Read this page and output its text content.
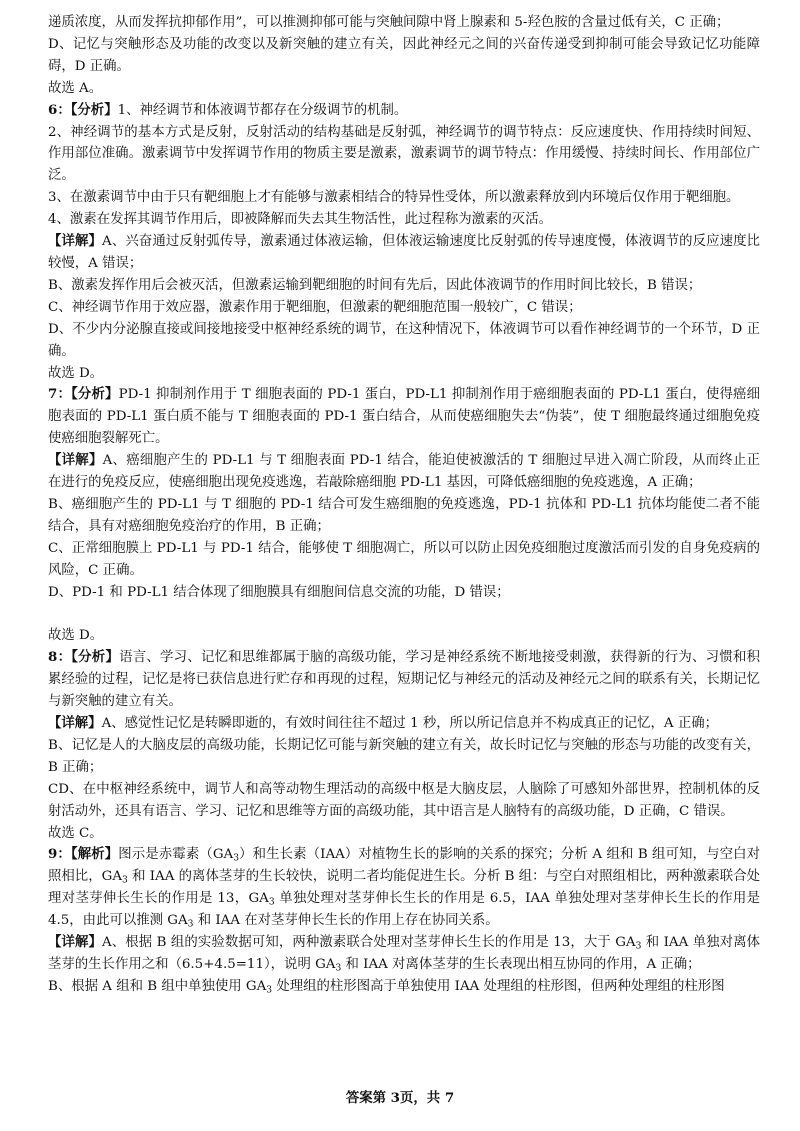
递质浓度，从而发挥抗抑郁作用”，可以推测抑郁可能与突触间隙中肾上腺素和 5-羟色胺的含量过低有关，C 正确；

D、记忆与突触形态及功能的改变以及新突触的建立有关，因此神经元之间的兴奋传递受到抑制可能会导致记忆功能障碍，D 正确。

故选 A。

6：【分析】1、神经调节和体液调节都存在分级调节的机制。

2、神经调节的基本方式是反射，反射活动的结构基础是反射弧，神经调节的调节特点：反应速度快、作用持续时间短、作用部位准确。激素调节中发挥调节作用的物质主要是激素，激素调节的调节特点：作用缓慢、持续时间长、作用部位广泛。

3、在激素调节中由于只有靶细胞上才有能够与激素相结合的特异性受体，所以激素释放到内环境后仅作用于靶细胞。

4、激素在发挥其调节作用后，即被降解而失去其生物活性，此过程称为激素的灭活。

【详解】A、兴奋通过反射弧传导，激素通过体液运输，但体液运输速度比反射弧的传导速度慢，体液调节的反应速度比较慢，A 错误；

B、激素发挥作用后会被灭活，但激素运输到靶细胞的时间有先后，因此体液调节的作用时间比较长，B 错误；

C、神经调节作用于效应器，激素作用于靶细胞，但激素的靶细胞范围一般较广，C 错误；

D、不少内分泌腺直接或间接地接受中枢神经系统的调节，在这种情况下，体液调节可以看作神经调节的一个环节，D 正确。

故选 D。

7：【分析】PD-1 抑制剂作用于 T 细胞表面的 PD-1 蛋白，PD-L1 抑制剂作用于癌细胞表面的 PD-L1 蛋白，使得癌细胞表面的 PD-L1 蛋白质不能与 T 细胞表面的 PD-1 蛋白结合，从而使癌细胞失去“伪装”，使 T 细胞最终通过细胞免疫使癌细胞裂解死亡。

【详解】A、癌细胞产生的 PD-L1 与 T 细胞表面 PD-1 结合，能迫使被激活的 T 细胞过早进入凋亡阶段，从而终止正在进行的免疫反应，使癌细胞出现免疫逃逸，若敲除癌细胞 PD-L1 基因，可降低癌细胞的免疫逃逸，A 正确；

B、癌细胞产生的 PD-L1 与 T 细胞的 PD-1 结合可发生癌细胞的免疫逃逸，PD-1 抗体和 PD-L1 抗体均能使二者不能结合，具有对癌细胞免疫治疗的作用，B 正确；

C、正常细胞膜上 PD-L1 与 PD-1 结合，能够使 T 细胞凋亡，所以可以防止因免疫细胞过度激活而引发的自身免疫病的风险，C 正确。

D、PD-1 和 PD-L1 结合体现了细胞膜具有细胞间信息交流的功能，D 错误；

故选 D。

8：【分析】语言、学习、记忆和思维都属于脑的高级功能，学习是神经系统不断地接受刺激，获得新的行为、习惯和积累经验的过程，记忆是将已获信息进行贮存和再现的过程，短期记忆与神经元的活动及神经元之间的联系有关，长期记忆与新突触的建立有关。

【详解】A、感觉性记忆是转瞬即逝的，有效时间往往不超过 1 秒，所以所记信息并不构成真正的记忆，A 正确；

B、记忆是人的大脑皮层的高级功能，长期记忆可能与新突触的建立有关，故长时记忆与突触的形态与功能的改变有关，B 正确；

CD、在中枢神经系统中，调节人和高等动物生理活动的高级中枢是大脑皮层，人脑除了可感知外部世界，控制机体的反射活动外，还具有语言、学习、记忆和思维等方面的高级功能，其中语言是人脑特有的高级功能，D 正确，C 错误。

故选 C。

9：【解析】图示是赤霉素$(GA_3)$和生长素（IAA）对植物生长的影响的关系的探究；分析 A 组和 B 组可知，与空白对照相比，$GA_3$ 和 IAA 的离体茎芽的生长较快，说明二者均能促进生长。分析 B 组：与空白对照组相比，两种激素联合处理对茎芽伸长生长的作用是 13，$GA_3$ 单独处理对茎芽伸长生长的作用是 6.5，IAA 单独处理对茎芽伸长生长的作用是 4.5，由此可以推测 $GA_3$ 和 IAA 在对茎芽伸长生长的作用上存在协同关系。

【详解】A、根据 B 组的实验数据可知，两种激素联合处理对茎芽伸长生长的作用是 13，大于 $GA_3$ 和 IAA 单独对离体茎芽的生长作用之和（6.5+4.5=11），说明 $GA_3$ 和 IAA 对离体茎芽的生长表现出相互协同的作用，A 正确；

B、根据 A 组和 B 组中单独使用 $GA_3$ 处理组的柱形图高于单独使用 IAA 处理组的柱形图，但两种处理组的柱形图

答案第 3页，共 7
